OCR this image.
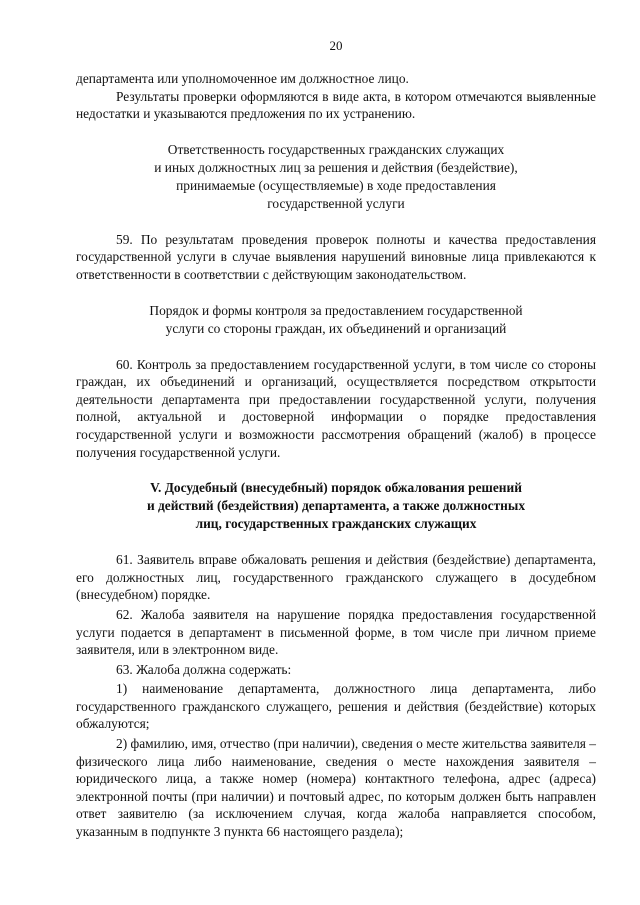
20

департамента или уполномоченное им должностное лицо.

Результаты проверки оформляются в виде акта, в котором отмечаются выявленные недостатки и указываются предложения по их устранению.

Ответственность государственных гражданских служащих
и иных должностных лиц за решения и действия (бездействие),
принимаемые (осуществляемые) в ходе предоставления
государственной услуги

59. По результатам проведения проверок полноты и качества предоставления государственной услуги в случае выявления нарушений виновные лица привлекаются к ответственности в соответствии с действующим законодательством.

Порядок и формы контроля за предоставлением государственной
услуги со стороны граждан, их объединений и организаций

60. Контроль за предоставлением государственной услуги, в том числе со стороны граждан, их объединений и организаций, осуществляется посредством открытости деятельности департамента при предоставлении государственной услуги, получения полной, актуальной и достоверной информации о порядке предоставления государственной услуги и возможности рассмотрения обращений (жалоб) в процессе получения государственной услуги.

V. Досудебный (внесудебный) порядок обжалования решений
и действий (бездействия) департамента, а также должностных
лиц, государственных гражданских служащих

61. Заявитель вправе обжаловать решения и действия (бездействие) департамента, его должностных лиц, государственного гражданского служащего в досудебном (внесудебном) порядке.

62. Жалоба заявителя на нарушение порядка предоставления государственной услуги подается в департамент в письменной форме, в том числе при личном приеме заявителя, или в электронном виде.

63. Жалоба должна содержать:

1) наименование департамента, должностного лица департамента, либо государственного гражданского служащего, решения и действия (бездействие) которых обжалуются;

2) фамилию, имя, отчество (при наличии), сведения о месте жительства заявителя – физического лица либо наименование, сведения о месте нахождения заявителя – юридического лица, а также номер (номера) контактного телефона, адрес (адреса) электронной почты (при наличии) и почтовый адрес, по которым должен быть направлен ответ заявителю (за исключением случая, когда жалоба направляется способом, указанным в подпункте 3 пункта 66 настоящего раздела);
